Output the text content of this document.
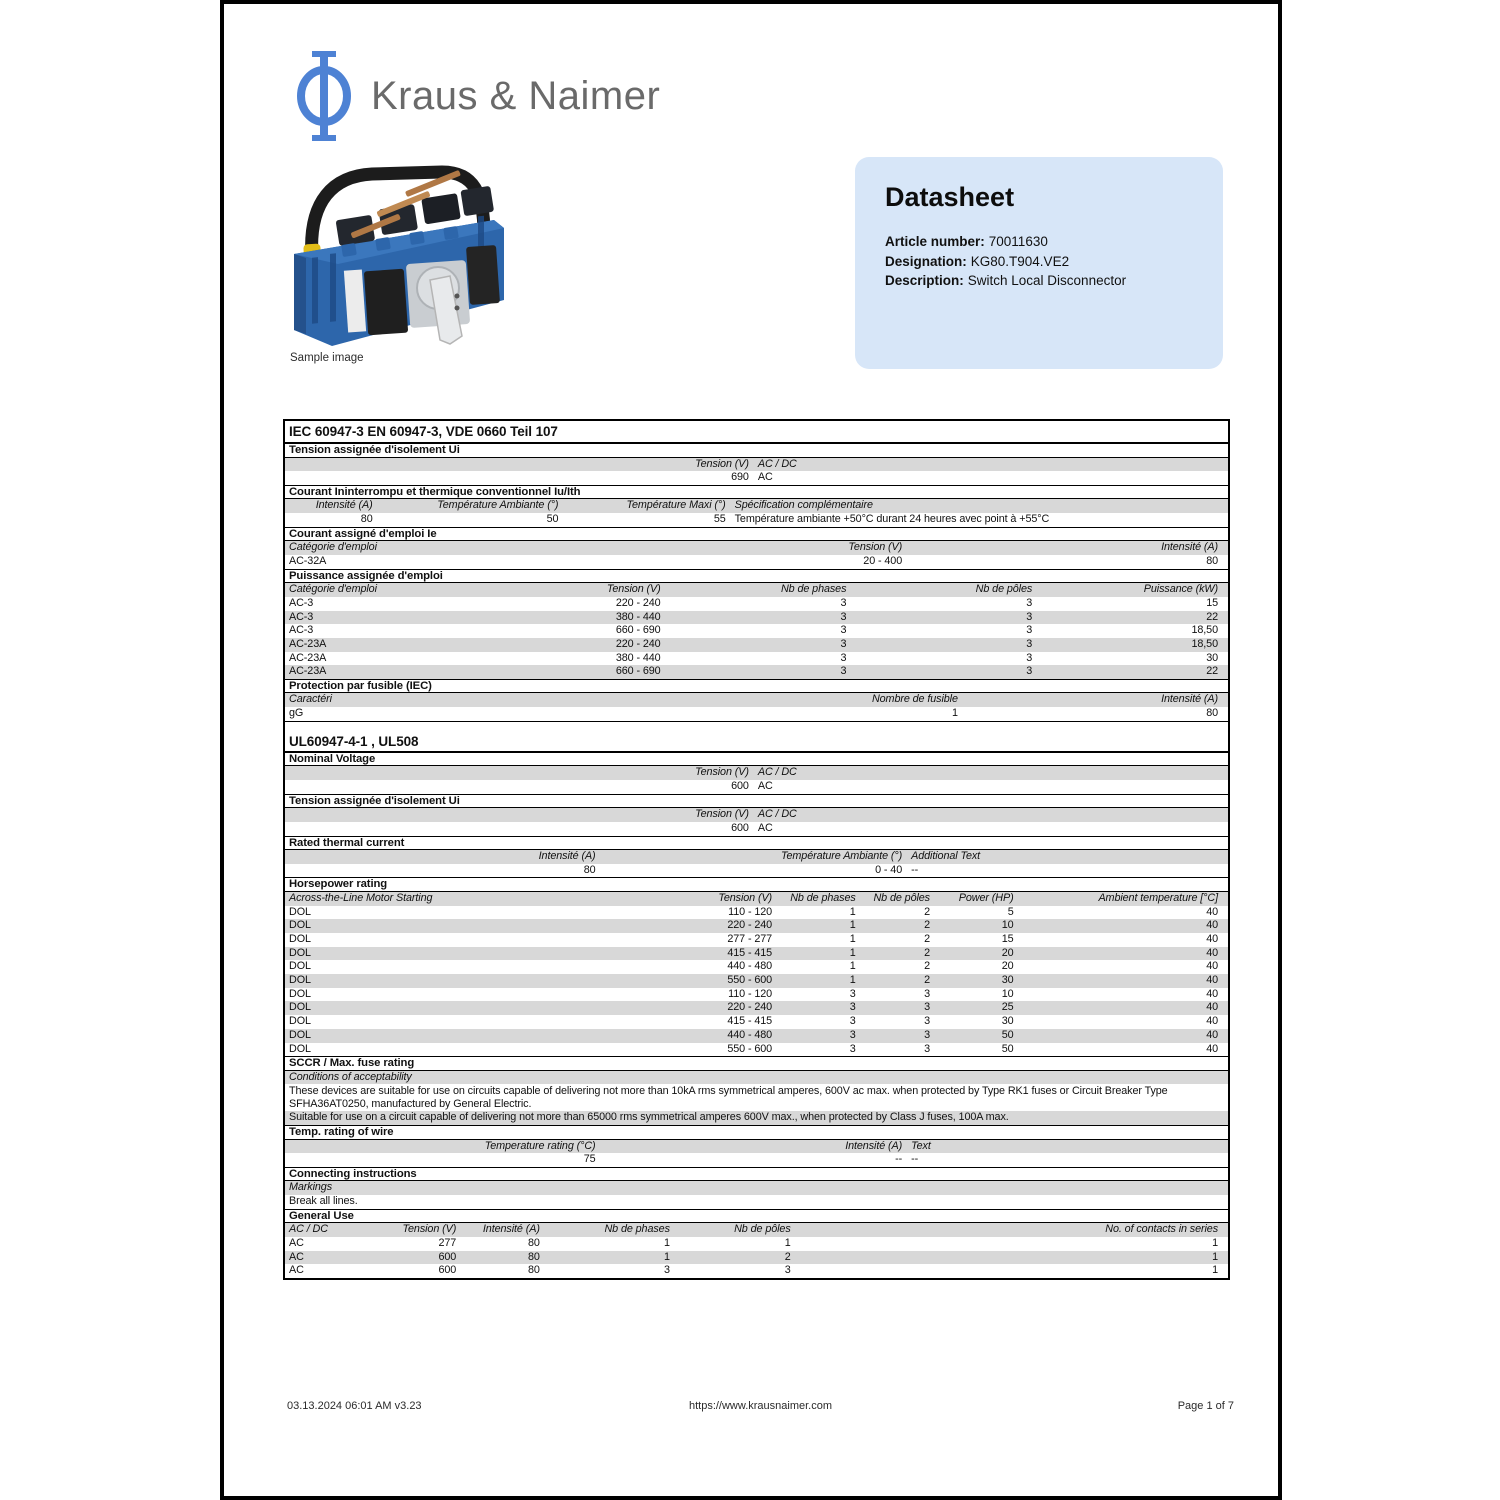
Kraus & Naimer
Sample image
Datasheet
Article number: 70011630
Designation: KG80.T904.VE2
Description: Switch Local Disconnector
IEC 60947-3 EN 60947-3, VDE 0660 Teil 107
Tension assignée d'isolement Ui
Tension (V) AC / DC
690 AC
Courant Ininterrompu et thermique conventionnel Iu/Ith
Intensité (A)	Température Ambiante (°)	Température Maxi (°) Spécification complémentaire
80	50	55 Température ambiante +50°C durant 24 heures avec point à +55°C
Courant assigné d'emploi Ie
Catégorie d'emploi	Tension (V)	Intensité (A)
AC-32A	20 - 400	80
Puissance assignée d'emploi
Catégorie d'emploi	Tension (V)	Nb de phases	Nb de pôles	Puissance (kW)
AC-3	220 - 240	3	3	15
AC-3	380 - 440	3	3	22
AC-3	660 - 690	3	3	18,50
AC-23A	220 - 240	3	3	18,50
AC-23A	380 - 440	3	3	30
AC-23A	660 - 690	3	3	22
Protection par fusible (IEC)
Caractéri	Nombre de fusible	Intensité (A)
gG	1	80
UL60947-4-1 , UL508
Nominal Voltage
Tension (V) AC / DC
600 AC
Tension assignée d'isolement Ui
Tension (V) AC / DC
600 AC
Rated thermal current
Intensité (A)	Température Ambiante (°) Additional Text
80	0 - 40 --
Horsepower rating
Across-the-Line Motor Starting	Tension (V)	Nb de phases	Nb de pôles	Power (HP)	Ambient temperature [°C]
DOL	110 - 120	1	2	5	40
DOL	220 - 240	1	2	10	40
DOL	277 - 277	1	2	15	40
DOL	415 - 415	1	2	20	40
DOL	440 - 480	1	2	20	40
DOL	550 - 600	1	2	30	40
DOL	110 - 120	3	3	10	40
DOL	220 - 240	3	3	25	40
DOL	415 - 415	3	3	30	40
DOL	440 - 480	3	3	50	40
DOL	550 - 600	3	3	50	40
SCCR / Max. fuse rating
Conditions of acceptability
These devices are suitable for use on circuits capable of delivering not more than 10kA rms symmetrical amperes, 600V ac max. when protected by Type RK1 fuses or Circuit Breaker Type SFHA36AT0250, manufactured by General Electric.
Suitable for use on a circuit capable of delivering not more than 65000 rms symmetrical amperes 600V max., when protected by Class J fuses, 100A max.
Temp. rating of wire
Temperature rating (°C)	Intensité (A) Text
75	-- --
Connecting instructions
Markings
Break all lines.
General Use
AC / DC	Tension (V)	Intensité (A)	Nb de phases	Nb de pôles	No. of contacts in series
AC	277	80	1	1	1
AC	600	80	1	2	1
AC	600	80	3	3	1
03.13.2024 06:01 AM v3.23	https://www.krausnaimer.com	Page 1 of 7
